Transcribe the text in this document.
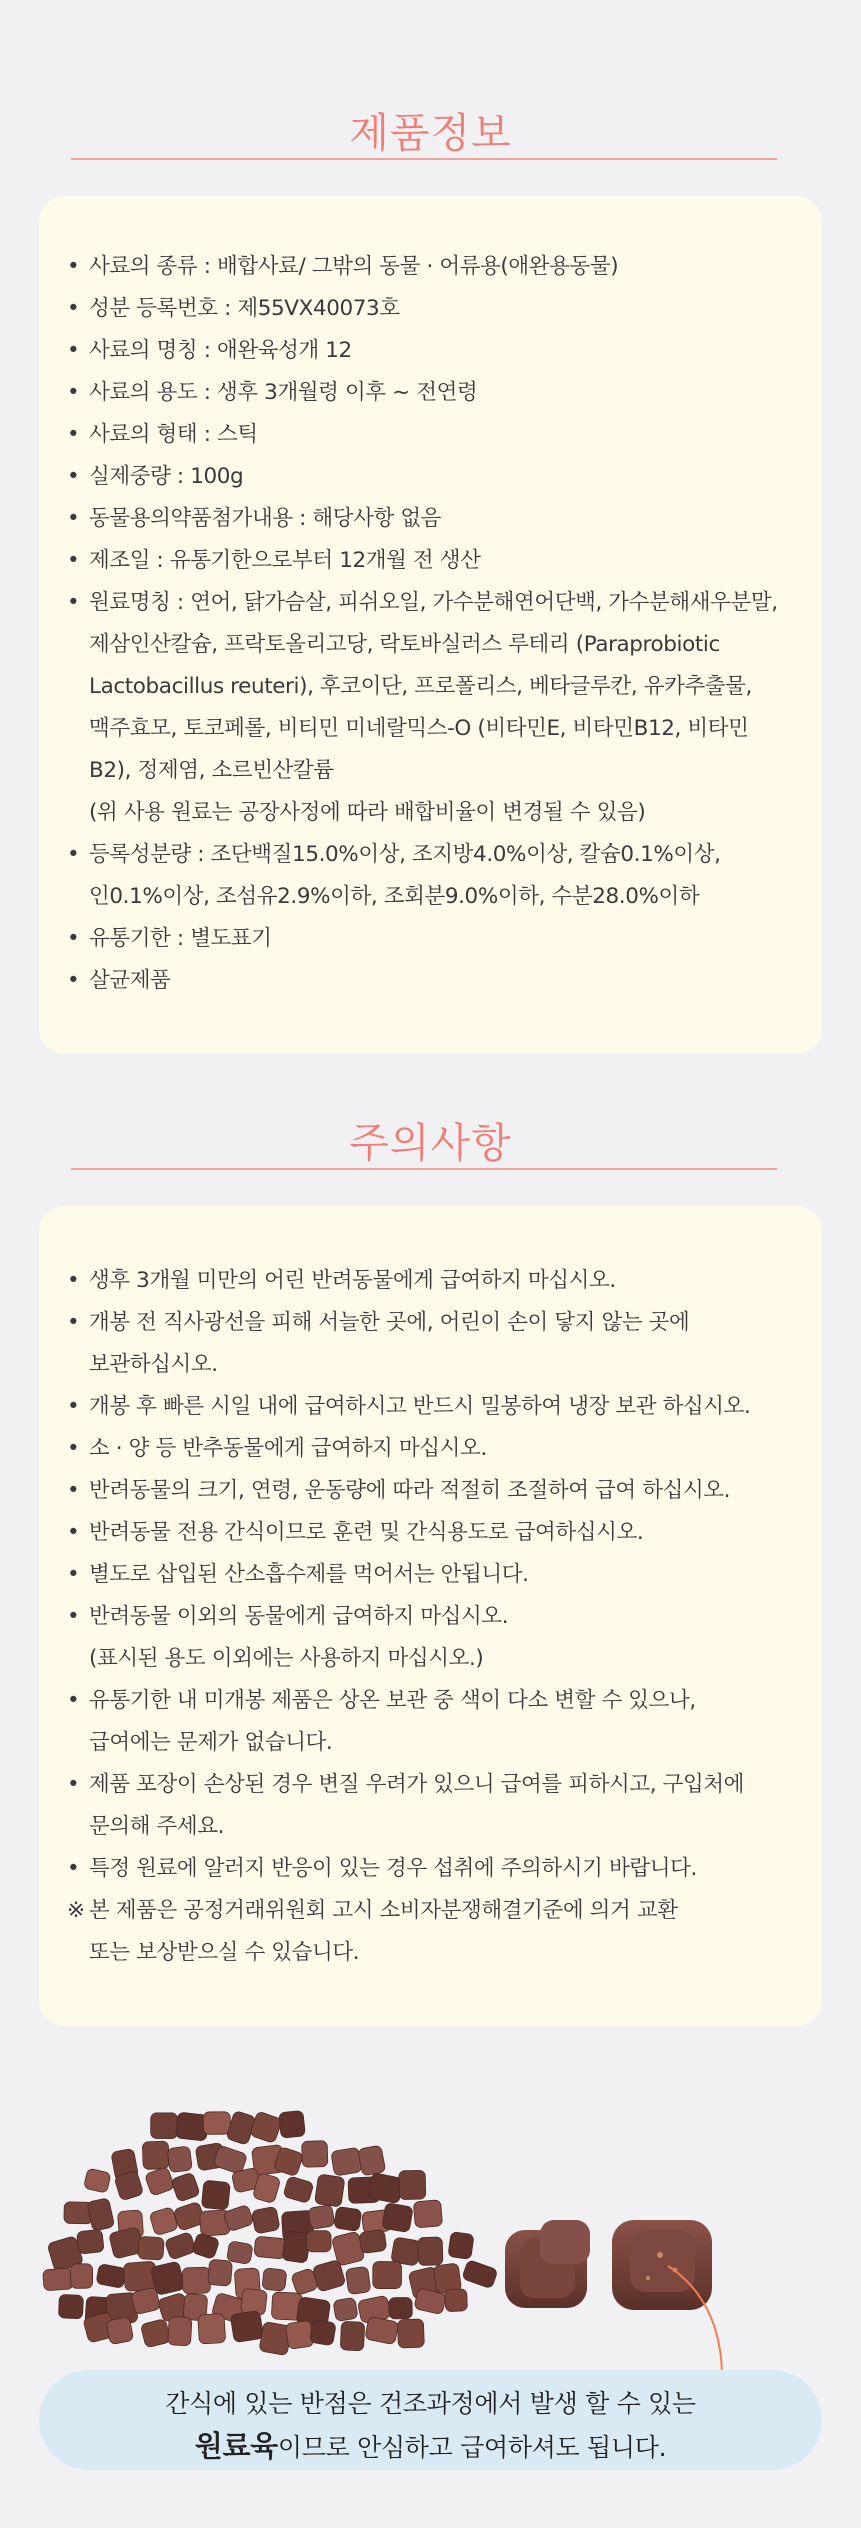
제품정보
• 사료의 종류 : 배합사료/ 그밖의 동물 · 어류용(애완용동물)
• 성분 등록번호 : 제55VX40073호
• 사료의 명칭 : 애완육성개 12
• 사료의 용도 : 생후 3개월령 이후 ~ 전연령
• 사료의 형태 : 스틱
• 실제중량 : 100g
• 동물용의약품첨가내용 : 해당사항 없음
• 제조일 : 유통기한으로부터 12개월 전 생산
• 원료명칭 : 연어, 닭가슴살, 피쉬오일, 가수분해연어단백, 가수분해새우분말,
제삼인산칼슘, 프락토올리고당, 락토바실러스 루테리 (Paraprobiotic
Lactobacillus reuteri), 후코이단, 프로폴리스, 베타글루칸, 유카추출물,
맥주효모, 토코페롤, 비티민 미네랄믹스-O (비타민E, 비타민B12, 비타민
B2), 정제염, 소르빈산칼륨
(위 사용 원료는 공장사정에 따라 배합비율이 변경될 수 있음)
• 등록성분량 : 조단백질15.0%이상, 조지방4.0%이상, 칼슘0.1%이상,
인0.1%이상, 조섬유2.9%이하, 조회분9.0%이하, 수분28.0%이하
• 유통기한 : 별도표기
• 살균제품
주의사항
• 생후 3개월 미만의 어린 반려동물에게 급여하지 마십시오.
• 개봉 전 직사광선을 피해 서늘한 곳에, 어린이 손이 닿지 않는 곳에
보관하십시오.
• 개봉 후 빠른 시일 내에 급여하시고 반드시 밀봉하여 냉장 보관 하십시오.
• 소 · 양 등 반추동물에게 급여하지 마십시오.
• 반려동물의 크기, 연령, 운동량에 따라 적절히 조절하여 급여 하십시오.
• 반려동물 전용 간식이므로 훈련 및 간식용도로 급여하십시오.
• 별도로 삽입된 산소흡수제를 먹어서는 안됩니다.
• 반려동물 이외의 동물에게 급여하지 마십시오.
(표시된 용도 이외에는 사용하지 마십시오.)
• 유통기한 내 미개봉 제품은 상온 보관 중 색이 다소 변할 수 있으나,
급여에는 문제가 없습니다.
• 제품 포장이 손상된 경우 변질 우려가 있으니 급여를 피하시고, 구입처에
문의해 주세요.
• 특정 원료에 알러지 반응이 있는 경우 섭취에 주의하시기 바랍니다.
※ 본 제품은 공정거래위원회 고시 소비자분쟁해결기준에 의거 교환
또는 보상받으실 수 있습니다.
간식에 있는 반점은 건조과정에서 발생 할 수 있는
원료육이므로 안심하고 급여하셔도 됩니다.
